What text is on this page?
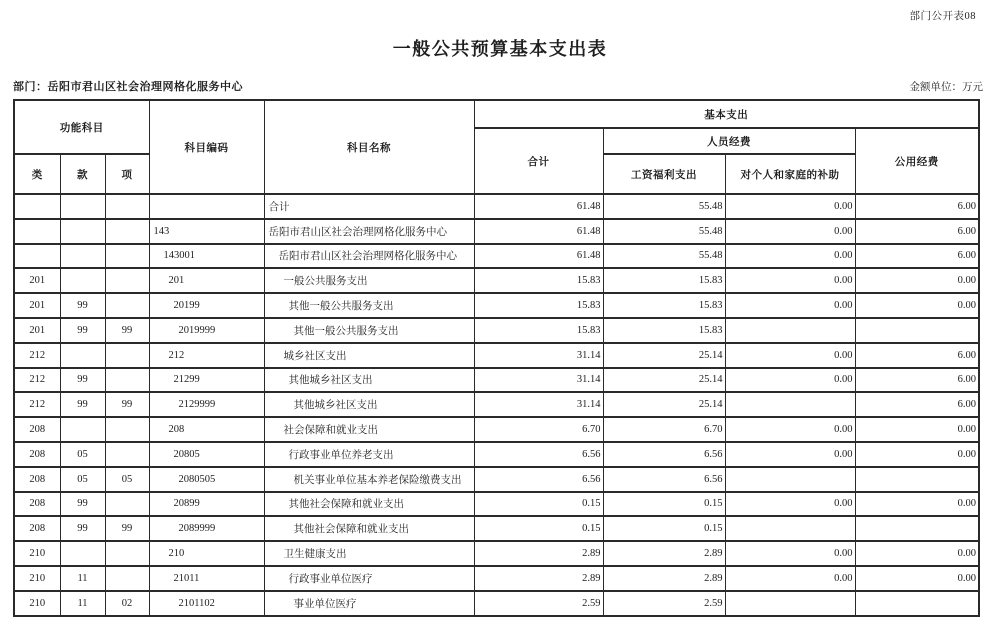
部门公开表08
一般公共预算基本支出表
部门：岳阳市君山区社会治理网格化服务中心	金额单位：万元
功能科目			科目编码	科目名称	基本支出			
					合计	人员经费		公用经费
类	款	项				工资福利支出	对个人和家庭的补助	
				合计	61.48	55.48	0.00	6.00
			143	岳阳市君山区社会治理网格化服务中心	61.48	55.48	0.00	6.00
			143001	岳阳市君山区社会治理网格化服务中心	61.48	55.48	0.00	6.00
201			201	一般公共服务支出	15.83	15.83	0.00	0.00
201	99		20199	其他一般公共服务支出	15.83	15.83	0.00	0.00
201	99	99	2019999	其他一般公共服务支出	15.83	15.83		
212			212	城乡社区支出	31.14	25.14	0.00	6.00
212	99		21299	其他城乡社区支出	31.14	25.14	0.00	6.00
212	99	99	2129999	其他城乡社区支出	31.14	25.14		6.00
208			208	社会保障和就业支出	6.70	6.70	0.00	0.00
208	05		20805	行政事业单位养老支出	6.56	6.56	0.00	0.00
208	05	05	2080505	机关事业单位基本养老保险缴费支出	6.56	6.56		
208	99		20899	其他社会保障和就业支出	0.15	0.15	0.00	0.00
208	99	99	2089999	其他社会保障和就业支出	0.15	0.15		
210			210	卫生健康支出	2.89	2.89	0.00	0.00
210	11		21011	行政事业单位医疗	2.89	2.89	0.00	0.00
210	11	02	2101102	事业单位医疗	2.59	2.59		
